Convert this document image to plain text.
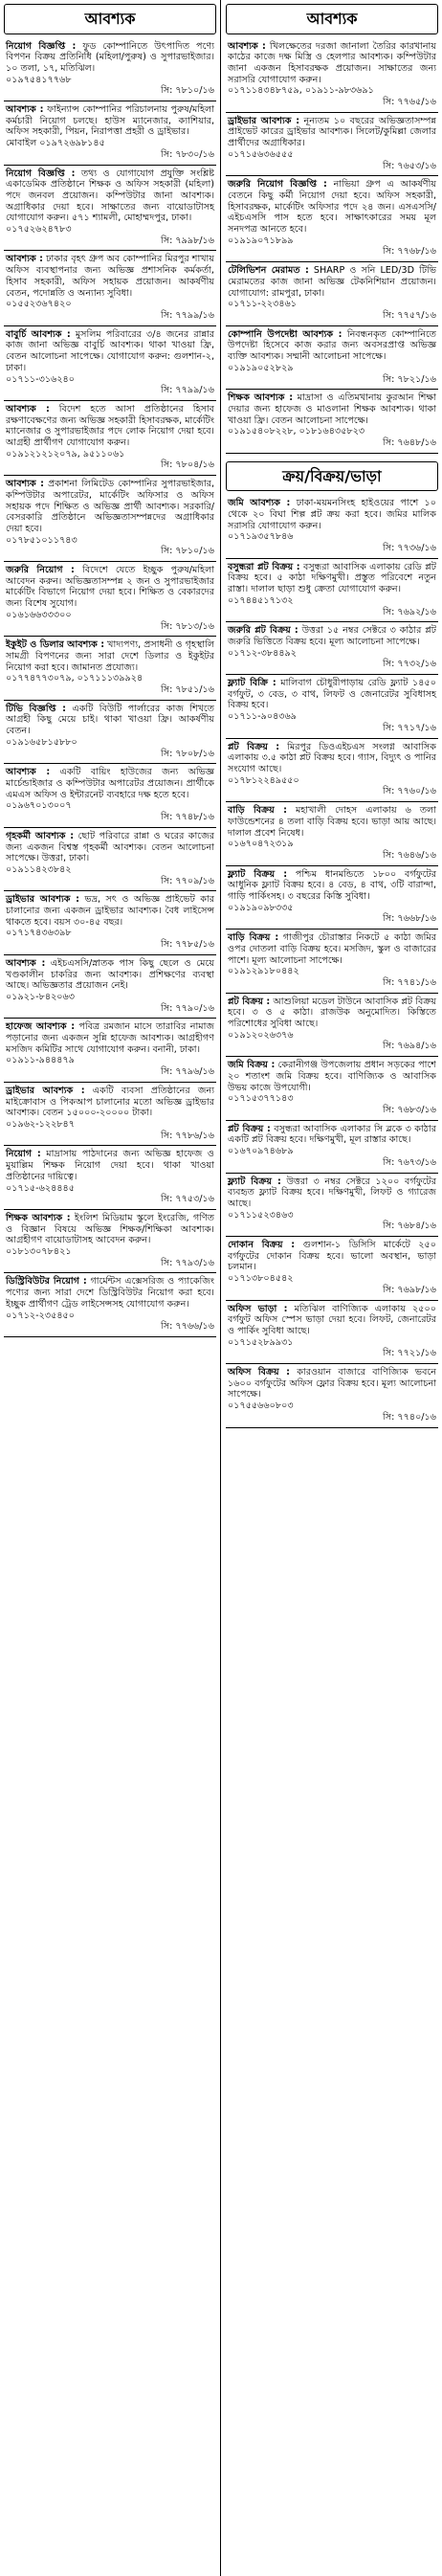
আবশ্যক
নিয়োগ বিজ্ঞপ্তি : ফুড কোম্পানিতে উৎপাদিত পণ্যে বিপণন বিক্রয় প্রতিনিধি (মহিলা/পুরুষ) ও সুপারভাইজার। ১০ তলা, ১৭, মতিঝিল।
০১৯৭৫৪১৭৭৬৮
সি: ৭৮১০/১৬
আবশ্যক : ফাইন্যান্স কোম্পানির পরিচালনায় পুরুষ/মহিলা কর্মচারী নিয়োগ চলছে। হাউস ম্যানেজার, ক্যাশিয়ার, অফিস সহকারী, পিয়ন, নিরাপত্তা প্রহরী ও ড্রাইভার।
মোবাইল ০১৯৭২৬৯৮১৪৫
সি: ৭৮৩০/১৬
নিয়োগ বিজ্ঞপ্তি : তথ্য ও যোগাযোগ প্রযুক্তি সংশ্লিষ্ট একাডেমিক প্রতিষ্ঠানে শিক্ষক ও অফিস সহকারী (মহিলা) পদে জনবল প্রয়োজন। কম্পিউটার জানা আবশ্যক। অগ্রাধিকার দেয়া হবে। সাক্ষাতের জন্য বায়োডাটাসহ যোগাযোগ করুন। ৫৭১ শ্যামলী, মোহাম্মদপুর, ঢাকা।
০১৭৫২৬২৪৭৮৩
সি: ৭৯৯৮/১৬
আবশ্যক : ঢাকার বৃহৎ গ্রুপ অব কোম্পানির মিরপুর শাখায় অফিস ব্যবস্থাপনার জন্য অভিজ্ঞ প্রশাসনিক কর্মকর্তা, হিসাব সহকারী, অফিস সহায়ক প্রয়োজন। আকর্ষণীয় বেতন, পদোন্নতি ও অন্যান্য সুবিধা।
০১৫৫২৩৬৭৪২০
সি: ৭৭৯৯/১৬
বাবুর্চি আবশ্যক : মুসলিম পরিবারের ৩/৪ জনের রান্নার কাজ জানা অভিজ্ঞ বাবুর্চি আবশ্যক। থাকা খাওয়া ফ্রি, বেতন আলোচনা সাপেক্ষে। যোগাযোগ করুন: গুলশান-২, ঢাকা।
০১৭১১-৩১৬২৪০
সি: ৭৭৯৯/১৬
আবশ্যক : বিদেশ হতে আসা প্রতিষ্ঠানের হিসাব রক্ষণাবেক্ষণের জন্য অভিজ্ঞ সহকারী হিসাবরক্ষক, মার্কেটিং ম্যানেজার ও সুপারভাইজার পদে লোক নিয়োগ দেয়া হবে। আগ্রহী প্রার্থীগণ যোগাযোগ করুন।
০১৯১২১২১২০৭৯, ৯৫১১০৬১
সি: ৭৮০৪/১৬
আবশ্যক : প্রকাশনা লিমিটেড কোম্পানির সুপারভাইজার, কম্পিউটার অপারেটর, মার্কেটিং অফিসার ও অফিস সহায়ক পদে শিক্ষিত ও অভিজ্ঞ প্রার্থী আবশ্যক। সরকারি/বেসরকারি প্রতিষ্ঠানে অভিজ্ঞতাসম্পন্নদের অগ্রাধিকার দেয়া হবে।
০১৭৮৫১০১১৭৪৩
সি: ৭৮১০/১৬
জরুরি নিয়োগ : বিদেশে যেতে ইচ্ছুক পুরুষ/মহিলা আবেদন করুন। অভিজ্ঞতাসম্পন্ন ২ জন ও সুপারভাইজার মার্কেটিং বিভাগে নিয়োগ দেয়া হবে। শিক্ষিত ও বেকারদের জন্য বিশেষ সুযোগ।
০১৬১৬৬৩৩৩০০
সি: ৭৮১৩/১৬
ইকুইট ও ডিলার আবশ্যক : খাদ্যপণ্য, প্রসাধনী ও গৃহস্থালি সামগ্রী বিপণনের জন্য সারা দেশে ডিলার ও ইকুইটর নিয়োগ করা হবে। জামানত প্রযোজ্য।
০১৭৭৪৭৭৩০৭৯, ০১৭১১১৩৯৯২৪
সি: ৭৮৫১/১৬
টিভি বিজ্ঞপ্তি : একটি বিউটি পার্লারের কাজ শিখতে আগ্রহী কিছু মেয়ে চাই। থাকা খাওয়া ফ্রি। আকর্ষণীয় বেতন।
০১৯১৬৫৮১৫৮৮০
সি: ৭৮০৮/১৬
আবশ্যক : একটি বায়িং হাউজের জন্য অভিজ্ঞ মার্চেন্ডাইজার ও কম্পিউটার অপারেটর প্রয়োজন। প্রার্থীকে এমএস অফিস ও ইন্টারনেট ব্যবহারে দক্ষ হতে হবে।
০১৯৬৭০১৩০০৭
সি: ৭৭৪৮/১৬
গৃহকর্মী আবশ্যক : ছোট পরিবারে রান্না ও ঘরের কাজের জন্য একজন বিশ্বস্ত গৃহকর্মী আবশ্যক। বেতন আলোচনা সাপেক্ষে। উত্তরা, ঢাকা।
০১৯১১৪২৩৮৪২
সি: ৭৭০৯/১৬
ড্রাইভার আবশ্যক : ভদ্র, সৎ ও অভিজ্ঞ প্রাইভেট কার চালানোর জন্য একজন ড্রাইভার আবশ্যক। বৈধ লাইসেন্স থাকতে হবে। বয়স ৩০-৪৫ বছর।
০১৭১৭৪৩৬৩৯৮
সি: ৭৭৮৫/১৬
আবশ্যক : এইচএসসি/স্নাতক পাস কিছু ছেলে ও মেয়ে খণ্ডকালীন চাকরির জন্য আবশ্যক। প্রশিক্ষণের ব্যবস্থা আছে। অভিজ্ঞতার প্রয়োজন নেই।
০১৯২১-৮৪২০৬৩
সি: ৭৭৯০/১৬
হাফেজ আবশ্যক : পবিত্র রমজান মাসে তারাবির নামাজ পড়ানোর জন্য একজন সুন্নি হাফেজ আবশ্যক। আগ্রহীগণ মসজিদ কমিটির সাথে যোগাযোগ করুন। বনানী, ঢাকা।
০১৯১১-৯৪৪৪৭৯
সি: ৭৭৯৬/১৬
ড্রাইভার আবশ্যক : একটি ব্যবসা প্রতিষ্ঠানের জন্য মাইক্রোবাস ও পিকআপ চালানোর মতো অভিজ্ঞ ড্রাইভার আবশ্যক। বেতন ১৫০০০-২০০০০ টাকা।
০১৯৬২-১২২৮৪৭
সি: ৭৭৮৬/১৬
নিয়োগ : মাদ্রাসায় পাঠদানের জন্য অভিজ্ঞ হাফেজ ও মুয়াল্লিম শিক্ষক নিয়োগ দেয়া হবে। থাকা খাওয়া প্রতিষ্ঠানের দায়িত্বে।
০১৭১৫-৬২৪৪৪৫
সি: ৭৭৫৩/১৬
শিক্ষক আবশ্যক : ইংলিশ মিডিয়াম স্কুলে ইংরেজি, গণিত ও বিজ্ঞান বিষয়ে অভিজ্ঞ শিক্ষক/শিক্ষিকা আবশ্যক। আগ্রহীগণ বায়োডাটাসহ আবেদন করুন।
০১৮১৩০৭৮৪২১
সি: ৭৭৯৩/১৬
ডিস্ট্রিবিউটর নিয়োগ : গার্মেন্টস এক্সেসরিজ ও প্যাকেজিং পণ্যের জন্য সারা দেশে ডিস্ট্রিবিউটর নিয়োগ করা হবে। ইচ্ছুক প্রার্থীগণ ট্রেড লাইসেন্সসহ যোগাযোগ করুন।
০১৭১২-২৩৫৪৫০
সি: ৭৭৬৬/১৬
আবশ্যক
আবশ্যক : খিলক্ষেতের দরজা জানালা তৈরির কারখানায় কাঠের কাজে দক্ষ মিস্ত্রি ও হেলপার আবশ্যক। কম্পিউটার জানা একজন হিসাবরক্ষক প্রয়োজন। সাক্ষাতের জন্য সরাসরি যোগাযোগ করুন।
০১৭১১৪৩৪৮৭৫৯, ০১৯১১-৯৮৩৬৯১
সি: ৭৭৬৫/১৬
ড্রাইভার আবশ্যক : নূন্যতম ১০ বছরের অভিজ্ঞতাসম্পন্ন প্রাইভেট কারের ড্রাইভার আবশ্যক। সিলেট/কুমিল্লা জেলার প্রার্থীদের অগ্রাধিকার।
০১৭১৫৬৩৬৫৫৫
সি: ৭৬৫৩/১৬
জরুরি নিয়োগ বিজ্ঞপ্তি : নাভিয়া গ্রুপ এ আকর্ষণীয় বেতনে কিছু কর্মী নিয়োগ দেয়া হবে। অফিস সহকারী, হিসাবরক্ষক, মার্কেটিং অফিসার পদে ২৪ জন। এসএসসি/এইচএসসি পাস হতে হবে। সাক্ষাৎকারের সময় মূল সনদপত্র আনতে হবে।
০১৯১৯০৭১৮৯৯
সি: ৭৭৬৮/১৬
টেলিভিশন মেরামত : SHARP ও সনি LED/3D টিভি মেরামতের কাজ জানা অভিজ্ঞ টেকনিশিয়ান প্রয়োজন। যোগাযোগ: রামপুরা, ঢাকা।
০১৭১১-২২৩৪৬১
সি: ৭৭৫৭/১৬
কোম্পানি উপদেষ্টা আবশ্যক : নিবন্ধনকৃত কোম্পানিতে উপদেষ্টা হিসেবে কাজ করার জন্য অবসরপ্রাপ্ত অভিজ্ঞ ব্যক্তি আবশ্যক। সম্মানী আলোচনা সাপেক্ষে।
০১৯১৯০৫২৮২৯
সি: ৭৮২১/১৬
শিক্ষক আবশ্যক : মাদ্রাসা ও এতিমখানায় কুরআন শিক্ষা দেয়ার জন্য হাফেজ ও মাওলানা শিক্ষক আবশ্যক। থাকা খাওয়া ফ্রি। বেতন আলোচনা সাপেক্ষে।
০১৯১৫৪০৮২২৮, ০১৮১৬৪৩৫৮২৩
সি: ৭৬৪৮/১৬
ক্রয়/বিক্রয়/ভাড়া
জমি আবশ্যক : ঢাকা-ময়মনসিংহ হাইওয়ের পাশে ১০ থেকে ২০ বিঘা শিল্প প্লট ক্রয় করা হবে। জমির মালিক সরাসরি যোগাযোগ করুন।
০১৭১৯৩৫৭৮৪৬
সি: ৭৭৩৬/১৬
বসুন্ধরা প্লট বিক্রয় : বসুন্ধরা আবাসিক এলাকায় রেডি প্লট বিক্রয় হবে। ৫ কাঠা দক্ষিণমুখী। প্রস্তুত পরিবেশে নতুন রাস্তা। দালাল ছাড়া শুধু ক্রেতা যোগাযোগ করুন।
০১৭৪৪৫১৭১৩২
সি: ৭৬৯২/১৬
জরুরি প্লট বিক্রয় : উত্তরা ১৫ নম্বর সেক্টরে ৩ কাঠার প্লট জরুরি ভিত্তিতে বিক্রয় হবে। মূল্য আলোচনা সাপেক্ষে।
০১৭১২-৩৮৪৪৯২
সি: ৭৭৩২/১৬
ফ্ল্যাট বিক্রি : মালিবাগ চৌধুরীপাড়ায় রেডি ফ্ল্যাট ১৪৫০ বর্গফুট, ৩ বেড, ৩ বাথ, লিফট ও জেনারেটর সুবিধাসহ বিক্রয় হবে।
০১৭১১-৯০৪৩৬৯
সি: ৭৭১৭/১৬
প্লট বিক্রয় : মিরপুর ডিওএইচএস সংলগ্ন আবাসিক এলাকায় ৩.৫ কাঠা প্লট বিক্রয় হবে। গ্যাস, বিদ্যুৎ ও পানির সংযোগ আছে।
০১৭৮১২২৪৯৫৫০
সি: ৭৭৬০/১৬
বাড়ি বিক্রয় : মহাখালী দোহস এলাকায় ৬ তলা ফাউন্ডেশনের ৪ তলা বাড়ি বিক্রয় হবে। ভাড়া আয় আছে। দালাল প্রবেশ নিষেধ।
০১৬৭০৪৭২৩১৯
সি: ৭৬৪৬/১৬
ফ্ল্যাট বিক্রয় : পশ্চিম ধানমন্ডিতে ১৮০০ বর্গফুটের আধুনিক ফ্ল্যাট বিক্রয় হবে। ৪ বেড, ৪ বাথ, ৩টি বারান্দা, গাড়ি পার্কিংসহ। ৩ বছরের কিস্তি সুবিধা।
০১৯১৯০৯৮৩৩৫
সি: ৭৬৬৮/১৬
বাড়ি বিক্রয় : গাজীপুর চৌরাস্তার নিকটে ৫ কাঠা জমির ওপর দোতলা বাড়ি বিক্রয় হবে। মসজিদ, স্কুল ও বাজারের পাশে। মূল্য আলোচনা সাপেক্ষে।
০১৯১২৯১৮০৪৪২
সি: ৭৭৪১/১৬
প্লট বিক্রয় : আশুলিয়া মডেল টাউনে আবাসিক প্লট বিক্রয় হবে। ৩ ও ৫ কাঠা। রাজউক অনুমোদিত। কিস্তিতে পরিশোধের সুবিধা আছে।
০১৯১২০২৬৩৭৬
সি: ৭৬৯৪/১৬
জমি বিক্রয় : কেরানীগঞ্জ উপজেলায় প্রধান সড়কের পাশে ২০ শতাংশ জমি বিক্রয় হবে। বাণিজ্যিক ও আবাসিক উভয় কাজে উপযোগী।
০১৭১৫৩৭৭১৪৩
সি: ৭৬৮৩/১৬
প্লট বিক্রয় : বসুন্ধরা আবাসিক এলাকার সি ব্লকে ৩ কাঠার একটি প্লট বিক্রয় হবে। দক্ষিণমুখী, মূল রাস্তার কাছে।
০১৬৭০৯৭৪৬৮৯
সি: ৭৬৭৩/১৬
ফ্ল্যাট বিক্রয় : উত্তরা ৩ নম্বর সেক্টরে ১২০০ বর্গফুটের ব্যবহৃত ফ্ল্যাট বিক্রয় হবে। দক্ষিণমুখী, লিফট ও গ্যারেজ আছে।
০১৭১১৫২৩৪৬৩
সি: ৭৬৮৪/১৬
দোকান বিক্রয় : গুলশান-১ ডিসিসি মার্কেটে ২৫০ বর্গফুটের দোকান বিক্রয় হবে। ভালো অবস্থান, ভাড়া চলমান।
০১৭১৩৮০৪৫৪২
সি: ৭৬৯৮/১৬
অফিস ভাড়া : মতিঝিল বাণিজ্যিক এলাকায় ২৫০০ বর্গফুট অফিস স্পেস ভাড়া দেয়া হবে। লিফট, জেনারেটর ও পার্কিং সুবিধা আছে।
০১৭১৫২৮৯৯৩১
সি: ৭৭২১/১৬
অফিস বিক্রয় : কারওয়ান বাজারে বাণিজ্যিক ভবনে ১৬০০ বর্গফুটের অফিস ফ্লোর বিক্রয় হবে। মূল্য আলোচনা সাপেক্ষে।
০১৭৫৫৬৬০৮০৩
সি: ৭৭৪০/১৬
